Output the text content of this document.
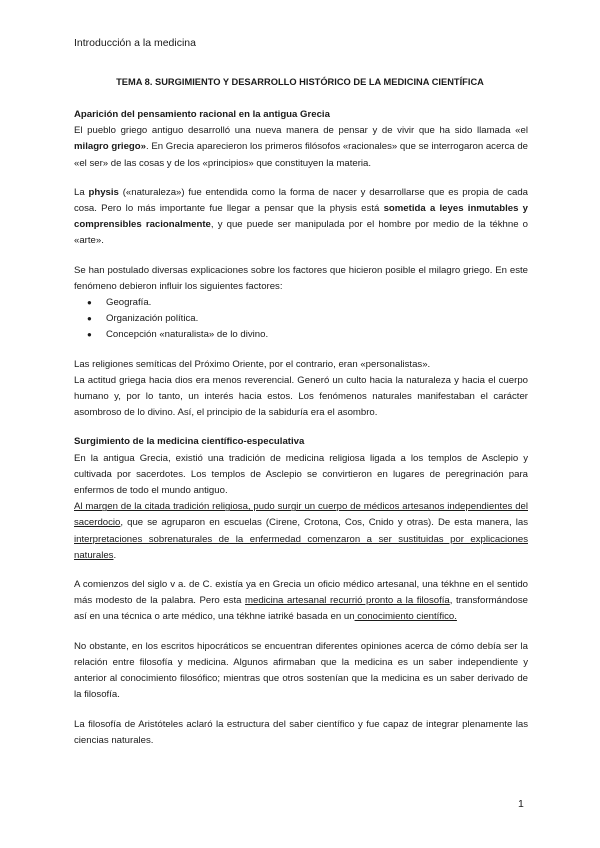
Introducción a la medicina
TEMA 8. SURGIMIENTO Y DESARROLLO HISTÓRICO DE LA MEDICINA CIENTÍFICA

Aparición del pensamiento racional en la antigua Grecia

El pueblo griego antiguo desarrolló una nueva manera de pensar y de vivir que ha sido llamada «el milagro griego». En Grecia aparecieron los primeros filósofos «racionales» que se interrogaron acerca de «el ser» de las cosas y de los «principios» que constituyen la materia.

La physis («naturaleza») fue entendida como la forma de nacer y desarrollarse que es propia de cada cosa. Pero lo más importante fue llegar a pensar que la physis está sometida a leyes inmutables y comprensibles racionalmente, y que puede ser manipulada por el hombre por medio de la tékhne o «arte».

Se han postulado diversas explicaciones sobre los factores que hicieron posible el milagro griego. En este fenómeno debieron influir los siguientes factores:

● Geografía.
● Organización política.
● Concepción «naturalista» de lo divino.

Las religiones semíticas del Próximo Oriente, por el contrario, eran «personalistas».

La actitud griega hacia dios era menos reverencial. Generó un culto hacia la naturaleza y hacia el cuerpo humano y, por lo tanto, un interés hacia estos. Los fenómenos naturales manifestaban el carácter asombroso de lo divino. Así, el principio de la sabiduría era el asombro.

Surgimiento de la medicina científico-especulativa

En la antigua Grecia, existió una tradición de medicina religiosa ligada a los templos de Asclepio y cultivada por sacerdotes. Los templos de Asclepio se convirtieron en lugares de peregrinación para enfermos de todo el mundo antiguo.

Al margen de la citada tradición religiosa, pudo surgir un cuerpo de médicos artesanos independientes del sacerdocio, que se agruparon en escuelas (Cirene, Crotona, Cos, Cnido y otras). De esta manera, las interpretaciones sobrenaturales de la enfermedad comenzaron a ser sustituidas por explicaciones naturales.

A comienzos del siglo v a. de C. existía ya en Grecia un oficio médico artesanal, una tékhne en el sentido más modesto de la palabra. Pero esta medicina artesanal recurrió pronto a la filosofía, transformándose así en una técnica o arte médico, una tékhne iatriké basada en un conocimiento científico.

No obstante, en los escritos hipocráticos se encuentran diferentes opiniones acerca de cómo debía ser la relación entre filosofía y medicina. Algunos afirmaban que la medicina es un saber independiente y anterior al conocimiento filosófico; mientras que otros sostenían que la medicina es un saber derivado de la filosofía.

La filosofía de Aristóteles aclaró la estructura del saber científico y fue capaz de integrar plenamente las ciencias naturales.

1
